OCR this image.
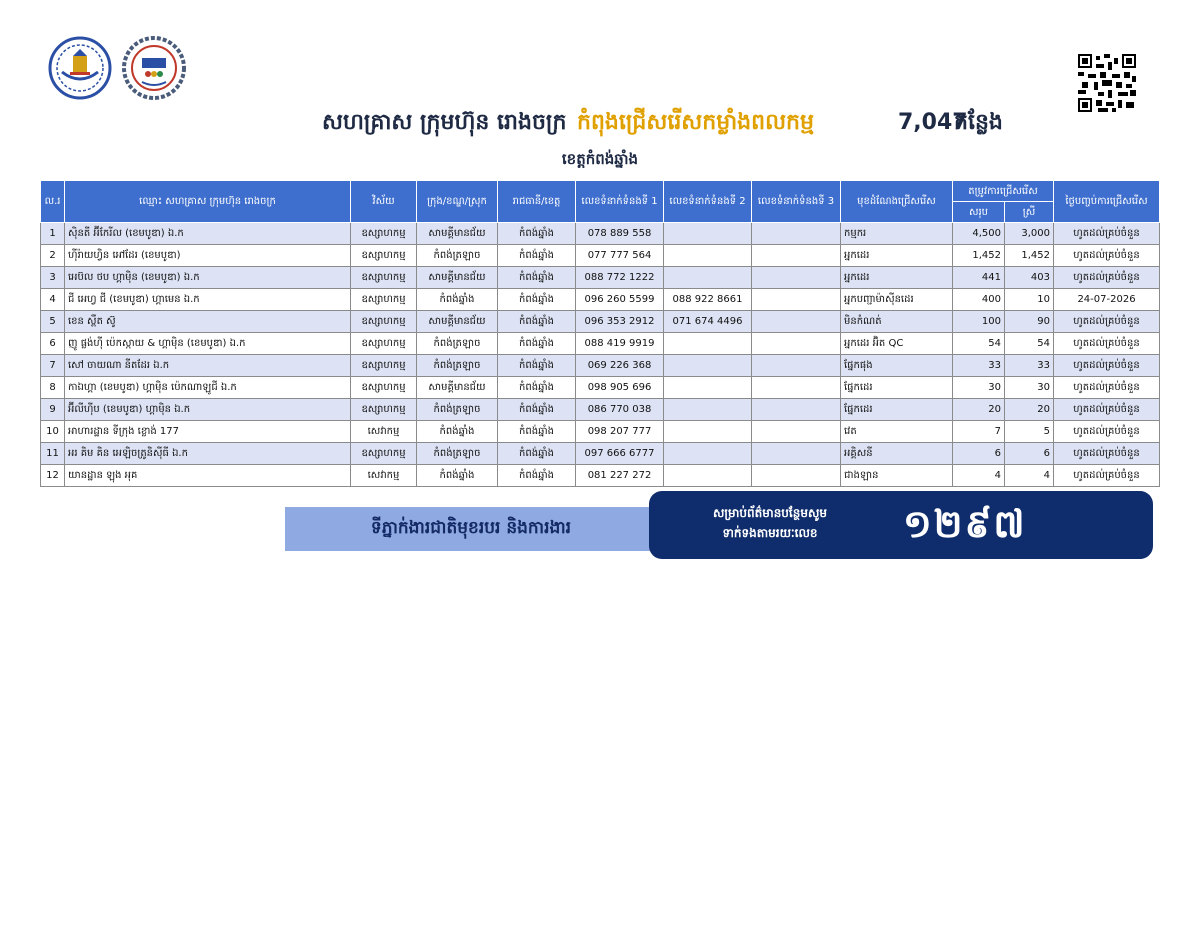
សហគ្រាស ក្រុមហ៊ុន រោងចក្រ កំពុងជ្រើសរើសកម្លាំងពលកម្ម	7,047
កន្លែង
ខេត្តកំពង់ឆ្នាំង
ល.រ	ឈ្មោះ សហគ្រាស ក្រុមហ៊ុន រោងចក្រ	វិស័យ	ក្រុង/ខណ្ឌ/ស្រុក	រាជធានី/ខេត្ត	លេខទំនាក់ទំនងទី 1	លេខទំនាក់ទំនងទី 2	លេខទំនាក់ទំនងទី 3	មុខដំណែងជ្រើសរើស	តម្រូវការជ្រើសរើស		ថ្ងៃបញ្ចប់ការជ្រើសរើស
									សរុប	ស្រី	
1	ស៊ិនតី អ៊ីកែរីល (ខេមបូឌា) ឯ.ក	ឧស្សាហកម្ម	សាមគ្គីមានជ័យ	កំពង់ឆ្នាំង	078 889 558			កម្មករ	4,500	3,000	ហូតដល់គ្រប់ចំនួន
2	ហ៊ីរ៉ាយហ្វិន អៅដែរ (ខេមបូឌា)	ឧស្សាហកម្ម	កំពង់ត្រឡាច	កំពង់ឆ្នាំង	077 777 564			អ្នកដេរ	1,452	1,452	ហូតដល់គ្រប់ចំនួន
3	អេប៊ល ថប ហ្គាម៉ិន (ខេមបូឌា) ឯ.ក	ឧស្សាហកម្ម	សាមគ្គីមានជ័យ	កំពង់ឆ្នាំង	088 772 1222			អ្នកដេរ	441	403	ហូតដល់គ្រប់ចំនួន
4	ជី អេហ្វ ជី (ខេមបូឌា) ហ្គាមេន ឯ.ក	ឧស្សាហកម្ម	កំពង់ឆ្នាំង	កំពង់ឆ្នាំង	096 260 5599	088 922 8661		អ្នកបញ្ជាម៉ាស៊ីនដេរ	400	10	24-07-2026
5	ខេន ស្ពឺត ស៊ូ	ឧស្សាហកម្ម	សាមគ្គីមានជ័យ	កំពង់ឆ្នាំង	096 353 2912	071 674 4496		មិនកំណត់	100	90	ហូតដល់គ្រប់ចំនួន
6	ញូ ផ្លង់ហ៊ី ប៉េកស្កាយ & ហ្គាម៉ិន (ខេមបូឌា) ឯ.ក	ឧស្សាហកម្ម	កំពង់ត្រឡាច	កំពង់ឆ្នាំង	088 419 9919			អ្នកដេរ អ៊ិត QC	54	54	ហូតដល់គ្រប់ចំនួន
7	សៅ ចាយណា នីតដែរ ឯ.ក	ឧស្សាហកម្ម	កំពង់ត្រឡាច	កំពង់ឆ្នាំង	069 226 368			ផ្នែកផុង	33	33	ហូតដល់គ្រប់ចំនួន
8	កាឯហ្គា (ខេមបូឌា) ហ្គាម៉ិន ប៉េកណាឡូជី ឯ.ក	ឧស្សាហកម្ម	សាមគ្គីមានជ័យ	កំពង់ឆ្នាំង	098 905 696			ផ្នែកដេរ	30	30	ហូតដល់គ្រប់ចំនួន
9	អ៊ីលីហ៊ីប (ខេមបូឌា) ហ្គាម៉ិន ឯ.ក	ឧស្សាហកម្ម	កំពង់ត្រឡាច	កំពង់ឆ្នាំង	086 770 038			ផ្នែកដេរ	20	20	ហូតដល់គ្រប់ចំនួន
10	អាហារដ្ឋាន ទីក្រុង ខ្លោង់ 177	សេវាកម្ម	កំពង់ឆ្នាំង	កំពង់ឆ្នាំង	098 207 777			វេត	7	5	ហូតដល់គ្រប់ចំនួន
11	អរ គិម គិន អេឡិចត្រូនិស៊ីធី ឯ.ក	ឧស្សាហកម្ម	កំពង់ត្រឡាច	កំពង់ឆ្នាំង	097 666 6777			អគ្គិសនី	6	6	ហូតដល់គ្រប់ចំនួន
12	យានដ្ឋាន ឡុង អុគ	សេវាកម្ម	កំពង់ឆ្នាំង	កំពង់ឆ្នាំង	081 227 272			ជាងឡាន	4	4	ហូតដល់គ្រប់ចំនួន
ទីភ្នាក់ងារជាតិមុខរបរ និងការងារ
សម្រាប់ព័ត៌មានបន្ថែមសូម
ទាក់ទងតាមរយៈលេខ	១២៩៧
